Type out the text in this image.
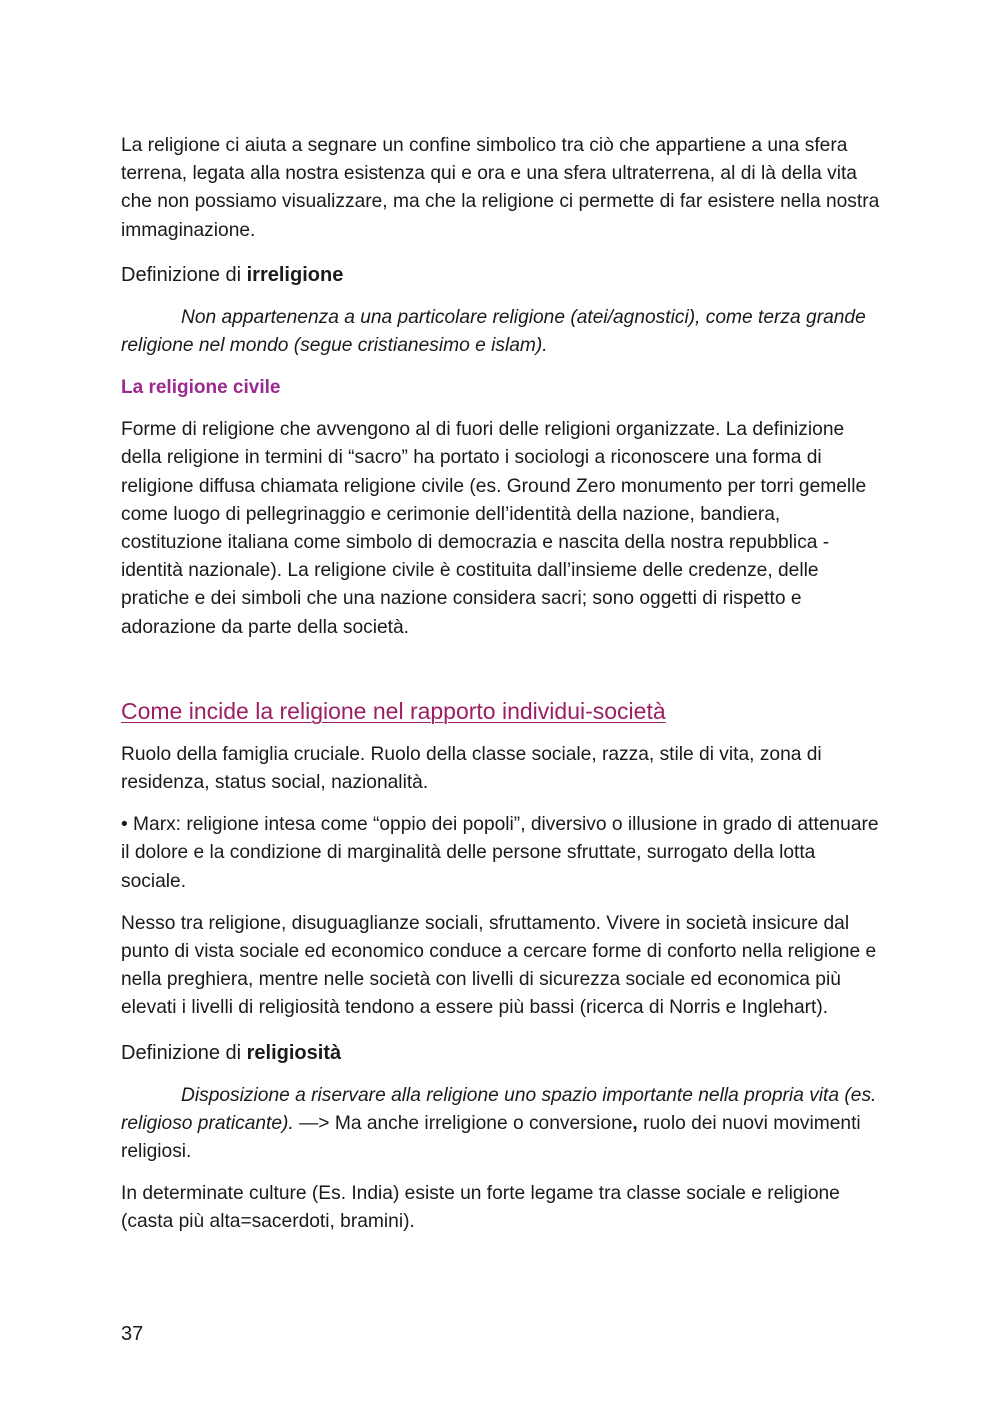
La religione ci aiuta a segnare un confine simbolico tra ciò che appartiene a una sfera terrena, legata alla nostra esistenza qui e ora e una sfera ultraterrena, al di là della vita che non possiamo visualizzare, ma che la religione ci permette di far esistere nella nostra immaginazione.

Definizione di irreligione

Non appartenenza a una particolare religione (atei/agnostici), come terza grande religione nel mondo (segue cristianesimo e islam).

La religione civile

Forme di religione che avvengono al di fuori delle religioni organizzate. La definizione della religione in termini di “sacro” ha portato i sociologi a riconoscere una forma di religione diffusa chiamata religione civile (es. Ground Zero monumento per torri gemelle come luogo di pellegrinaggio e cerimonie dell’identità della nazione, bandiera, costituzione italiana come simbolo di democrazia e nascita della nostra repubblica - identità nazionale). La religione civile è costituita dall’insieme delle credenze, delle pratiche e dei simboli che una nazione considera sacri; sono oggetti di rispetto e adorazione da parte della società.

Come incide la religione nel rapporto individui-società

Ruolo della famiglia cruciale. Ruolo della classe sociale, razza, stile di vita, zona di residenza, status social, nazionalità.

• Marx: religione intesa come “oppio dei popoli”, diversivo o illusione in grado di attenuare il dolore e la condizione di marginalità delle persone sfruttate, surrogato della lotta sociale.

Nesso tra religione, disuguaglianze sociali, sfruttamento. Vivere in società insicure dal punto di vista sociale ed economico conduce a cercare forme di conforto nella religione e nella preghiera, mentre nelle società con livelli di sicurezza sociale ed economica più elevati i livelli di religiosità tendono a essere più bassi (ricerca di Norris e Inglehart).

Definizione di religiosità

Disposizione a riservare alla religione uno spazio importante nella propria vita (es. religioso praticante). —> Ma anche irreligione o conversione, ruolo dei nuovi movimenti religiosi.

In determinate culture (Es. India) esiste un forte legame tra classe sociale e religione (casta più alta=sacerdoti, bramini).

37
